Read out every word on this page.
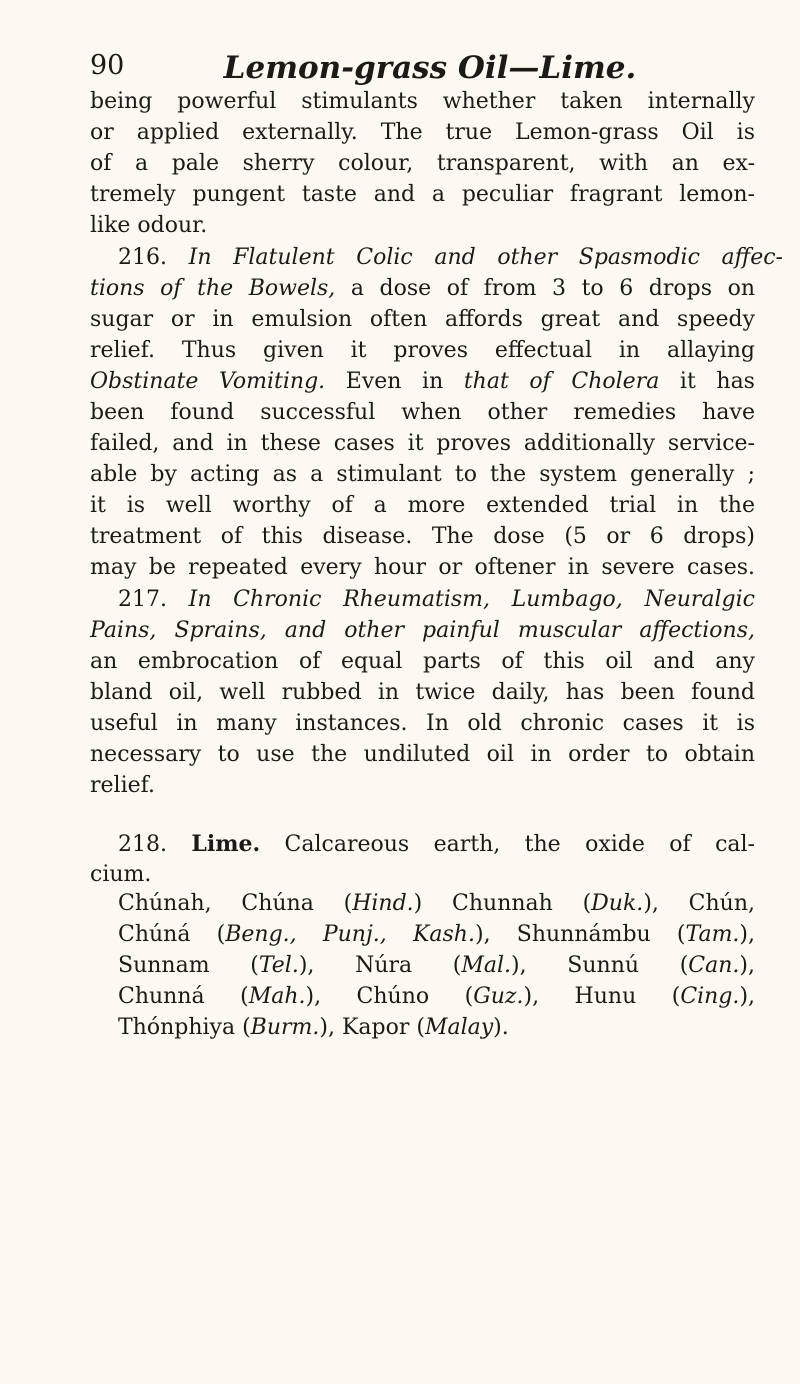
90	Lemon-grass Oil—Lime.
being powerful stimulants whether taken internally
or applied externally. The true Lemon-grass Oil is
of a pale sherry colour, transparent, with an ex-
tremely pungent taste and a peculiar fragrant lemon-
like odour.
216. In Flatulent Colic and other Spasmodic affec-
tions of the Bowels, a dose of from 3 to 6 drops on
sugar or in emulsion often affords great and speedy
relief. Thus given it proves effectual in allaying
Obstinate Vomiting. Even in that of Cholera it has
been found successful when other remedies have
failed, and in these cases it proves additionally service-
able by acting as a stimulant to the system generally ;
it is well worthy of a more extended trial in the
treatment of this disease. The dose (5 or 6 drops)
may be repeated every hour or oftener in severe cases.
217. In Chronic Rheumatism, Lumbago, Neuralgic
Pains, Sprains, and other painful muscular affections,
an embrocation of equal parts of this oil and any
bland oil, well rubbed in twice daily, has been found
useful in many instances. In old chronic cases it is
necessary to use the undiluted oil in order to obtain
relief.
218. Lime. Calcareous earth, the oxide of cal-
cium.
Chúnah, Chúna (Hind.) Chunnah (Duk.), Chún,
Chúná (Beng., Punj., Kash.), Shunnámbu (Tam.),
Sunnam (Tel.), Núra (Mal.), Sunnú (Can.),
Chunná (Mah.), Chúno (Guz.), Hunu (Cing.),
Thónphiya (Burm.), Kapor (Malay).
